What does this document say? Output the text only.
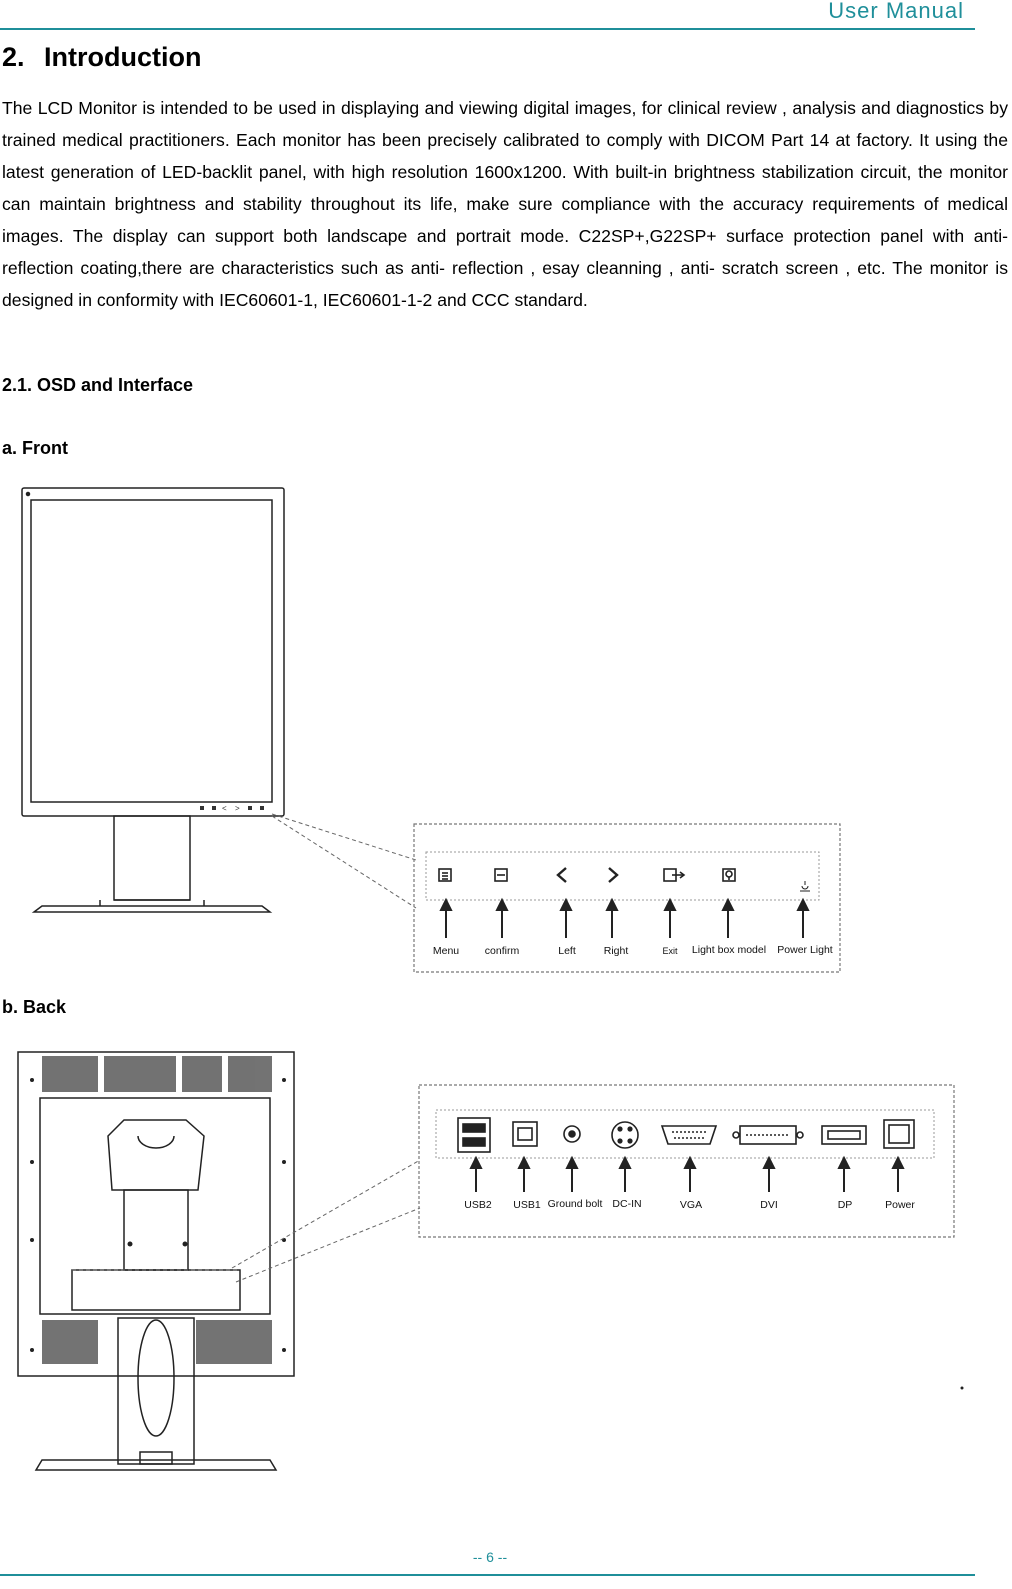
User Manual
2. Introduction
The LCD Monitor is intended to be used in displaying and viewing digital images, for clinical review , analysis and diagnostics by trained medical practitioners. Each monitor has been precisely calibrated to comply with DICOM Part 14 at factory. It using the latest generation of LED-backlit panel, with high resolution 1600x1200. With built-in brightness stabilization circuit, the monitor can maintain brightness and stability throughout its life, make sure compliance with the accuracy requirements of medical images. The display can support both landscape and portrait mode. C22SP+,G22SP+ surface protection panel with anti- reflection coating,there are characteristics such as anti- reflection , esay cleanning , anti- scratch screen , etc. The monitor is designed in conformity with IEC60601-1, IEC60601-1-2 and CCC standard.
2.1. OSD and Interface
a. Front
< >
Menu confirm	Left	Right	Exit Light box model Power Light
b. Back
USB2 USB1 Ground bolt DC-IN	VGA	DVI	DP	Power
-- 6 --
